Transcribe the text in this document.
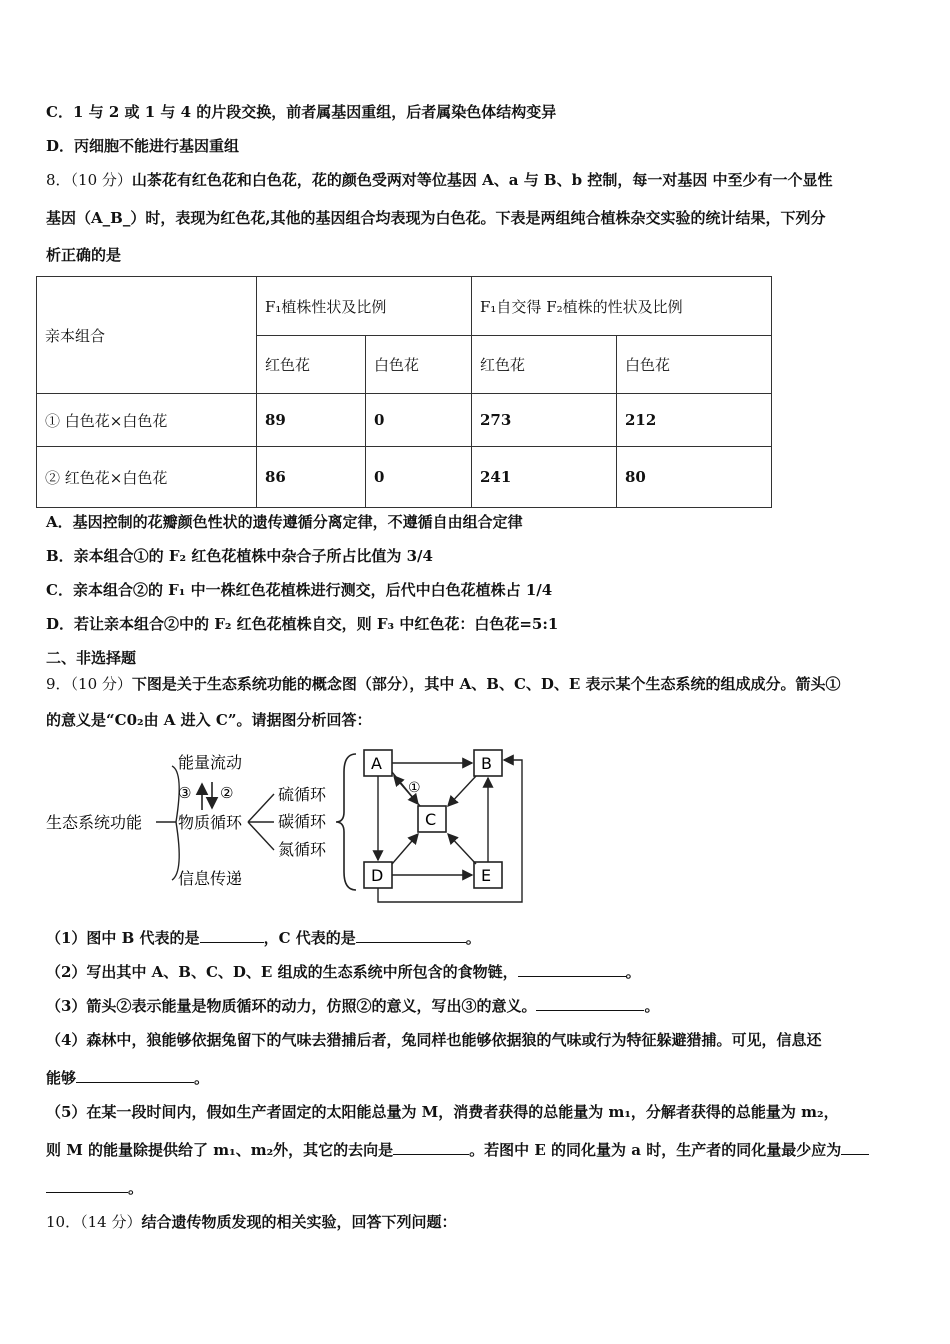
C．1 与 2 或 1 与 4 的片段交换，前者属基因重组，后者属染色体结构变异
D．丙细胞不能进行基因重组
8．（10 分）山茶花有红色花和白色花，花的颜色受两对等位基因 A、a 与 B、b 控制，每一对基因 中至少有一个显性
基因（A_B_）时，表现为红色花,其他的基因组合均表现为白色花。下表是两组纯合植株杂交实验的统计结果，下列分
析正确的是
亲本组合	F₁植株性状及比例		F₁自交得 F₂植株的性状及比例	
	红色花	白色花	红色花	白色花
① 白色花×白色花	89	0	273	212
② 红色花×白色花	86	0	241	80
A．基因控制的花瓣颜色性状的遗传遵循分离定律，不遵循自由组合定律
B．亲本组合①的 F₂ 红色花植株中杂合子所占比值为 3/4
C．亲本组合②的 F₁ 中一株红色花植株进行测交，后代中白色花植株占 1/4
D．若让亲本组合②中的 F₂ 红色花植株自交，则 F₃ 中红色花：白色花=5:1
二、非选择题
9．（10 分）下图是关于生态系统功能的概念图（部分），其中 A、B、C、D、E 表示某个生态系统的组成成分。箭头①
的意义是“C0₂由 A 进入 C”。请据图分析回答：
生态系统功能
能量流动
物质循环
信息传递
③ ②	硫循环
碳循环
氮循环
A	B
C
D	E
①
（1）图中 B 代表的是	，C 代表的是	。
（2）写出其中 A、B、C、D、E 组成的生态系统中所包含的食物链，	。
（3）箭头②表示能量是物质循环的动力，仿照②的意义，写出③的意义。	。
（4）森林中，狼能够依据兔留下的气味去猎捕后者，兔同样也能够依据狼的气味或行为特征躲避猎捕。可见，信息还
能够	。
（5）在某一段时间内，假如生产者固定的太阳能总量为 M，消费者获得的总能量为 m₁，分解者获得的总能量为 m₂，
则 M 的能量除提供给了 m₁、m₂外，其它的去向是	。若图中 E 的同化量为 a 时，生产者的同化量最少应为
。
10．（14 分）结合遗传物质发现的相关实验，回答下列问题：
